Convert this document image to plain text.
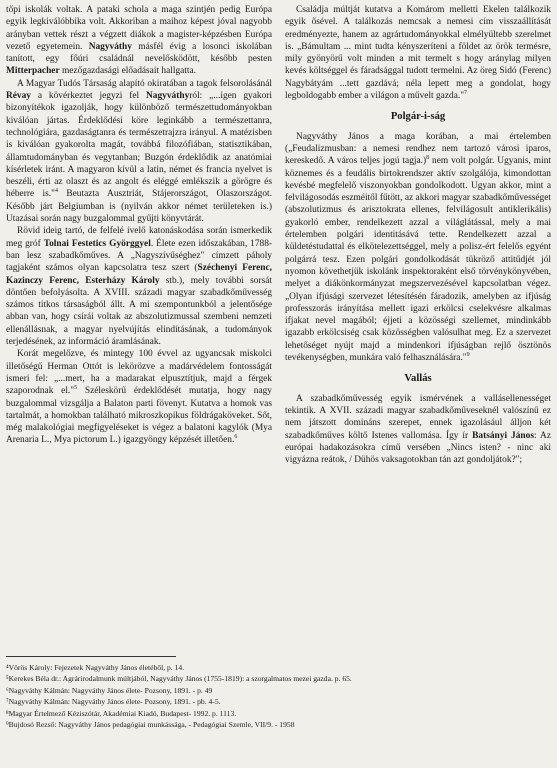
tőpi iskolák voltak. A pataki schola a maga szintjén pedig Európa egyik legkiválóbbika volt. Akkoriban a maihoz képest jóval nagyobb arányban vettek részt a végzett diákok a magister-képzésben Európa vezető egyetemein. Nagyváthy másfél évig a losonci iskolában tanított, egy főúri családnál nevelősködött, később pesten Mitterpacher mezőgazdasági előadásait hallgatta.

A Magyar Tudós Társaság alapító okiratában a tagok felsorolásánál Révay a kövérkeztet jegyzi fel Nagyváthyról: „...igen gyakori bizonyítékok igazolják, hogy különböző természettudományokban kiválóan jártas. Érdeklődési köre leginkább a természettanra, technológiára, gazdaságtanra és természetrajzra irányul. A matézisben is kiválóan gyakorolta magát, továbbá filozófiában, statisztikában, államtudományban és vegytanban; Buzgón érdeklődik az anatómiai kísérletek iránt. A magyaron kívül a latin, német és francia nyelvet is beszéli, érti az olaszt és az angolt és eléggé emlékszik a görögre és héberre is."$^4$ Beutazta Ausztriát, Stájerországot, Olaszországot. Később járt Belgiumban is (nyilván akkor német területeken is.) Utazásai során nagy buzgalommal gyűjti könyvtárát.

Rövid ideig tartó, de felfelé ívelő katonáskodása során ismerkedik meg gróf Tolnai Festetics Györggyel. Élete ezen időszakában, 1788-ban lesz szabadkőműves. A „Nagyszívűséghez" címzett páholy tagjaként számos olyan kapcsolatra tesz szert (Széchenyi Ferenc, Kazinczy Ferenc, Esterházy Károly stb.), mely további sorsát döntően befolyásolta. A XVIII. századi magyar szabadkőművesség számos titkos társaságból állt. A mi szempontunkból a jelentősége abban van, hogy csírái voltak az abszolutizmussal szembeni nemzeti ellenállásnak, a magyar nyelvújítás elindításának, a tudományok terjedésének, az információ áramlásának.

Korát megelőzve, és mintegy 100 évvel az ugyancsak miskolci illetőségű Herman Ottót is lekörözve a madárvédelem fontosságát ismeri fel: „...mert, ha a madarakat elpusztítjuk, majd a férgek szaporodnak el."$^5$ Széleskörű érdeklődését mutatja, hogy nagy buzgalommal vizsgálja a Balaton parti fövenyt. Kutatva a homok vas tartalmát, a homokban található mikroszkopikus földrágaköveket. Sőt, még malakológiai megfigyeléseket is végez a balatoni kagylók (Mya Arenaria L., Mya pictorum L.) igazgyöngy képzését illetően.$^6$

Családja múltját kutatva a Komárom melletti Ekelen találkozik egyik ősével. A találkozás nemcsak a nemesi cím visszaállítását eredményezte, hanem az agrártudományokkal elmélyültebb szerelmet is. „Bámultam ... mint tudta kényszeríteni a földet az örök termésre, mily gyönyörű volt minden a mit termelt s hogy aránylag milyen kevés költséggel és fáradsággal tudott termelni. Az öreg Sidó (Ferenc) Nagybátyám ...tett gazdává; néla lepett meg a gondolat, hogy legboldogabb ember a világon a művelt gazda."$^7$

Polgár-i-ság

Nagyváthy János a maga korában, a mai értelemben („Feudalizmusban: a nemesi rendhez nem tartozó városi iparos, kereskedő. A város teljes jogú tagja.)$^8$ nem volt polgár. Ugyanis, mint köznemes és a feudális birtokrendszer aktív szolgálója, kimondottan kevésbé megfelelő viszonyokban gondolkodott. Ugyan akkor, mint a felvilágosodás eszméitől fűtött, az akkori magyar szabadkőművességet (abszolutizmus és arisztokrata ellenes, felvilágosult antiklerikális) gyakorló ember, rendelkezett azzal a világlátással, mely a mai értelemben polgári identitásává tette. Rendelkezett azzal a küldetéstudattal és elkötelezettséggel, mely a polisz-ért felelős egyént polgárrá tesz. Ezen polgári gondolkodását tükröző attitűdjét jól nyomon követhetjük iskolánk inspektoraként első törvénykönyvében, melyet a diákönkormányzat megszervezésével kapcsolatban végez. „Olyan ifjúsági szervezet létesítésén fáradozik, amelyben az ifjúság professzorás irányítása mellett igazi erkölcsi cselekvésre alkalmas ifjakat nevel magából; éjjeti a közösségi szellemet, mindinkább igazabb erkölcsiség csak közösségben valósulhat meg. Ez a szervezet lehetőséget nyújt majd a mindenkori ifjúságban rejlő ösztönös tevékenységben, munkára való felhasználására."$^9$

Vallás

A szabadkőművesség egyik ismérvének a vallásellenességet tekintik. A XVII. századi magyar szabadkőműveseknél valószínű ez nem játszott domináns szerepet, ennek igazolásául álljon két szabadkőműves költő Istenes vallomása. Így ír Batsányi János: Az európai hadakozásokra című versében „Nincs isten? - ninc aki vigyázna reátok, / Dühös vaksagotokban tán azt gondoljátok?";

⁴Vörös Károly: Fejezetek Nagyváthy János életéből, p. 14.
⁵Kerekes Béla dr.: Agrárirodalmunk múltjából, Nagyváthy János (1755-1819): a szorgalmatos mezei gazda. p. 65.
⁶Nagyváthy Kálmán: Nagyváthy János élete- Pozsony, 1891. - p. 49
⁷Nagyváthy Kálmán: Nagyváthy János élete- Pozsony, 1891. - pb. 4-5.
⁸Magyar Értelmező Kéziszótár, Akadémiai Kiadó, Budapest- 1992. p. 1113.
⁹Bujdosó Rezső: Nagyváthy János pedagógiai munkássága, - Pedagógiai Szemle, VII/9. - 1958
